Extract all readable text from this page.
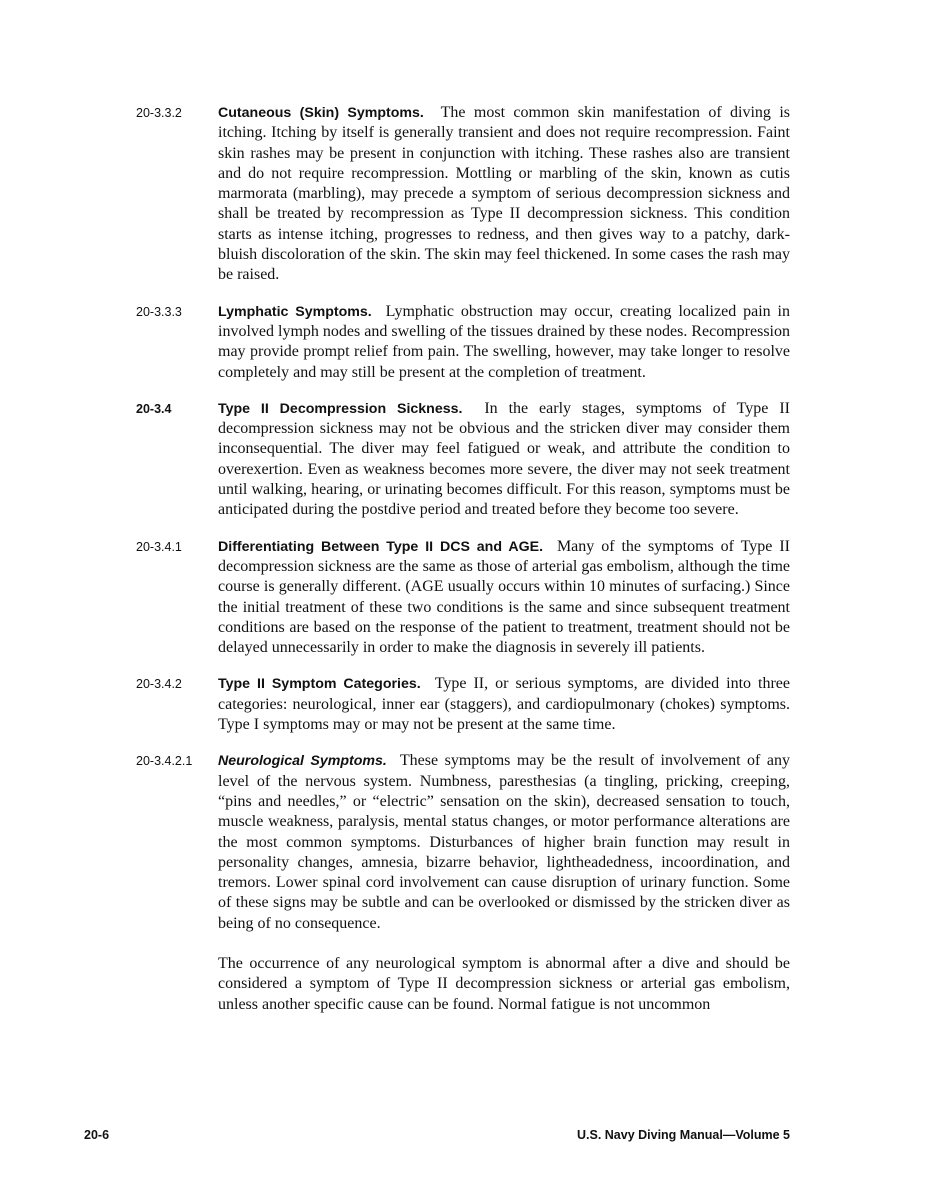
20-3.3.2	Cutaneous (Skin) Symptoms. The most common skin manifestation of diving is itching. Itching by itself is generally transient and does not require recompression. Faint skin rashes may be present in conjunction with itching. These rashes also are transient and do not require recompression. Mottling or marbling of the skin, known as cutis marmorata (marbling), may precede a symptom of serious decompression sickness and shall be treated by recompression as Type II decompression sickness. This condition starts as intense itching, progresses to redness, and then gives way to a patchy, dark-bluish discoloration of the skin. The skin may feel thickened. In some cases the rash may be raised.

20-3.3.3	Lymphatic Symptoms. Lymphatic obstruction may occur, creating localized pain in involved lymph nodes and swelling of the tissues drained by these nodes. Recompression may provide prompt relief from pain. The swelling, however, may take longer to resolve completely and may still be present at the completion of treatment.

20-3.4	Type II Decompression Sickness. In the early stages, symptoms of Type II decompression sickness may not be obvious and the stricken diver may consider them inconsequential. The diver may feel fatigued or weak, and attribute the condition to overexertion. Even as weakness becomes more severe, the diver may not seek treatment until walking, hearing, or urinating becomes difficult. For this reason, symptoms must be anticipated during the postdive period and treated before they become too severe.

20-3.4.1	Differentiating Between Type II DCS and AGE. Many of the symptoms of Type II decompression sickness are the same as those of arterial gas embolism, although the time course is generally different. (AGE usually occurs within 10 minutes of surfacing.) Since the initial treatment of these two conditions is the same and since subsequent treatment conditions are based on the response of the patient to treatment, treatment should not be delayed unnecessarily in order to make the diagnosis in severely ill patients.

20-3.4.2	Type II Symptom Categories. Type II, or serious symptoms, are divided into three categories: neurological, inner ear (staggers), and cardiopulmonary (chokes) symptoms. Type I symptoms may or may not be present at the same time.

20-3.4.2.1 Neurological Symptoms. These symptoms may be the result of involvement of any level of the nervous system. Numbness, paresthesias (a tingling, pricking, creeping, “pins and needles,” or “electric” sensation on the skin), decreased sensation to touch, muscle weakness, paralysis, mental status changes, or motor performance alterations are the most common symptoms. Disturbances of higher brain function may result in personality changes, amnesia, bizarre behavior, lightheadedness, incoordination, and tremors. Lower spinal cord involvement can cause disruption of urinary function. Some of these signs may be subtle and can be overlooked or dismissed by the stricken diver as being of no consequence.

The occurrence of any neurological symptom is abnormal after a dive and should be considered a symptom of Type II decompression sickness or arterial gas embolism, unless another specific cause can be found. Normal fatigue is not uncommon

20-6	U.S. Navy Diving Manual—Volume 5
